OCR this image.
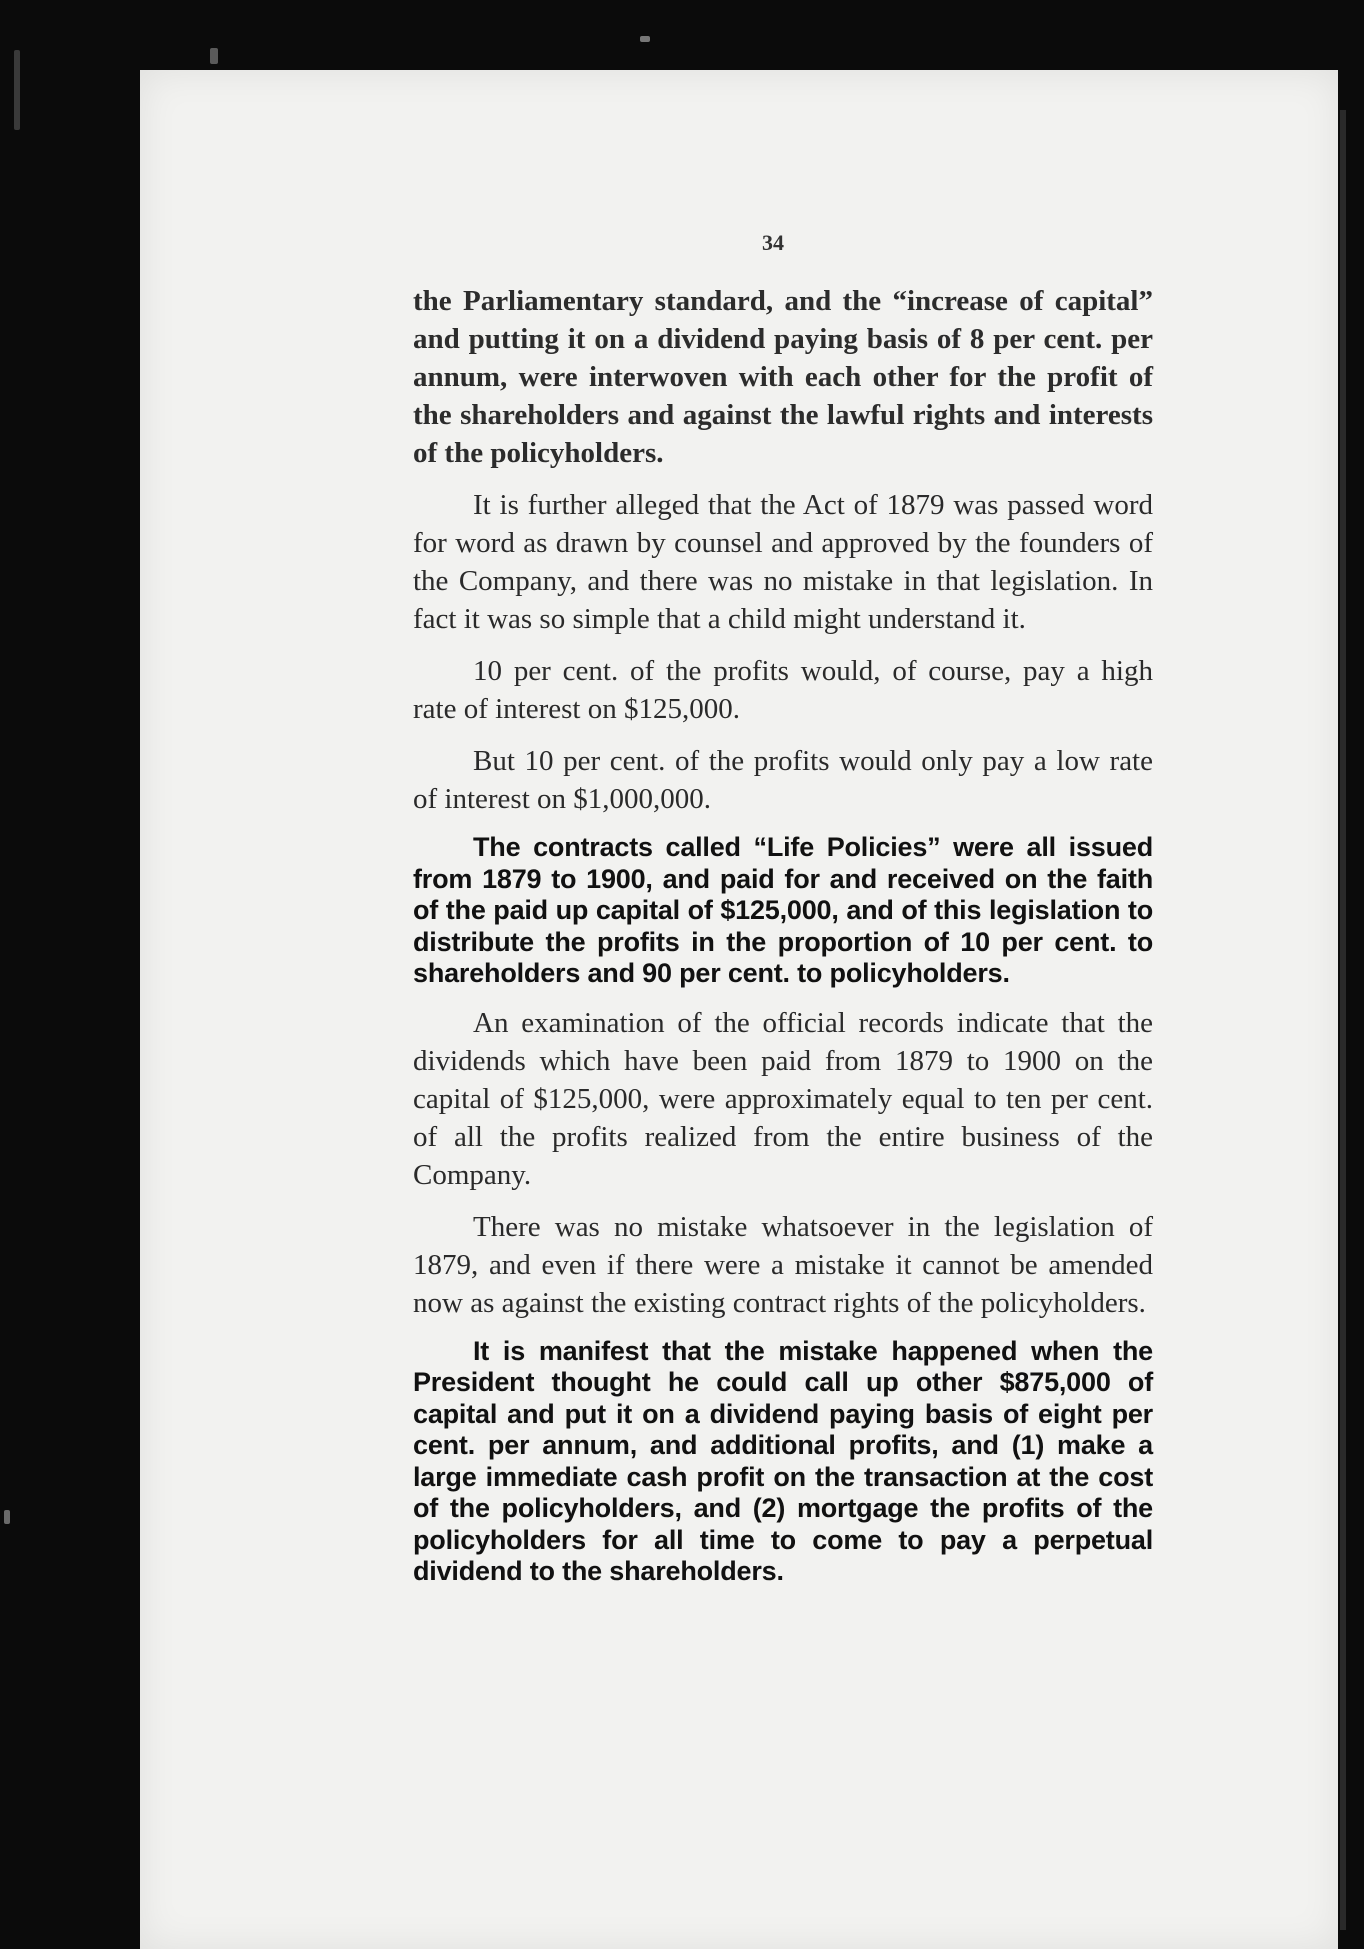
34

the Parliamentary standard, and the “increase of capital” and putting it on a dividend paying basis of 8 per cent. per annum, were interwoven with each other for the profit of the shareholders and against the lawful rights and interests of the policyholders.

It is further alleged that the Act of 1879 was passed word for word as drawn by counsel and approved by the founders of the Company, and there was no mistake in that legislation. In fact it was so simple that a child might understand it.

10 per cent. of the profits would, of course, pay a high rate of interest on $125,000.

But 10 per cent. of the profits would only pay a low rate of interest on $1,000,000.

The contracts called “Life Policies” were all issued from 1879 to 1900, and paid for and received on the faith of the paid up capital of $125,000, and of this legislation to distribute the profits in the proportion of 10 per cent. to shareholders and 90 per cent. to policyholders.

An examination of the official records indicate that the dividends which have been paid from 1879 to 1900 on the capital of $125,000, were approximately equal to ten per cent. of all the profits realized from the entire business of the Company.

There was no mistake whatsoever in the legislation of 1879, and even if there were a mistake it cannot be amended now as against the existing contract rights of the policyholders.

It is manifest that the mistake happened when the President thought he could call up other $875,000 of capital and put it on a dividend paying basis of eight per cent. per annum, and additional profits, and (1) make a large immediate cash profit on the transaction at the cost of the policyholders, and (2) mortgage the profits of the policyholders for all time to come to pay a perpetual dividend to the shareholders.
